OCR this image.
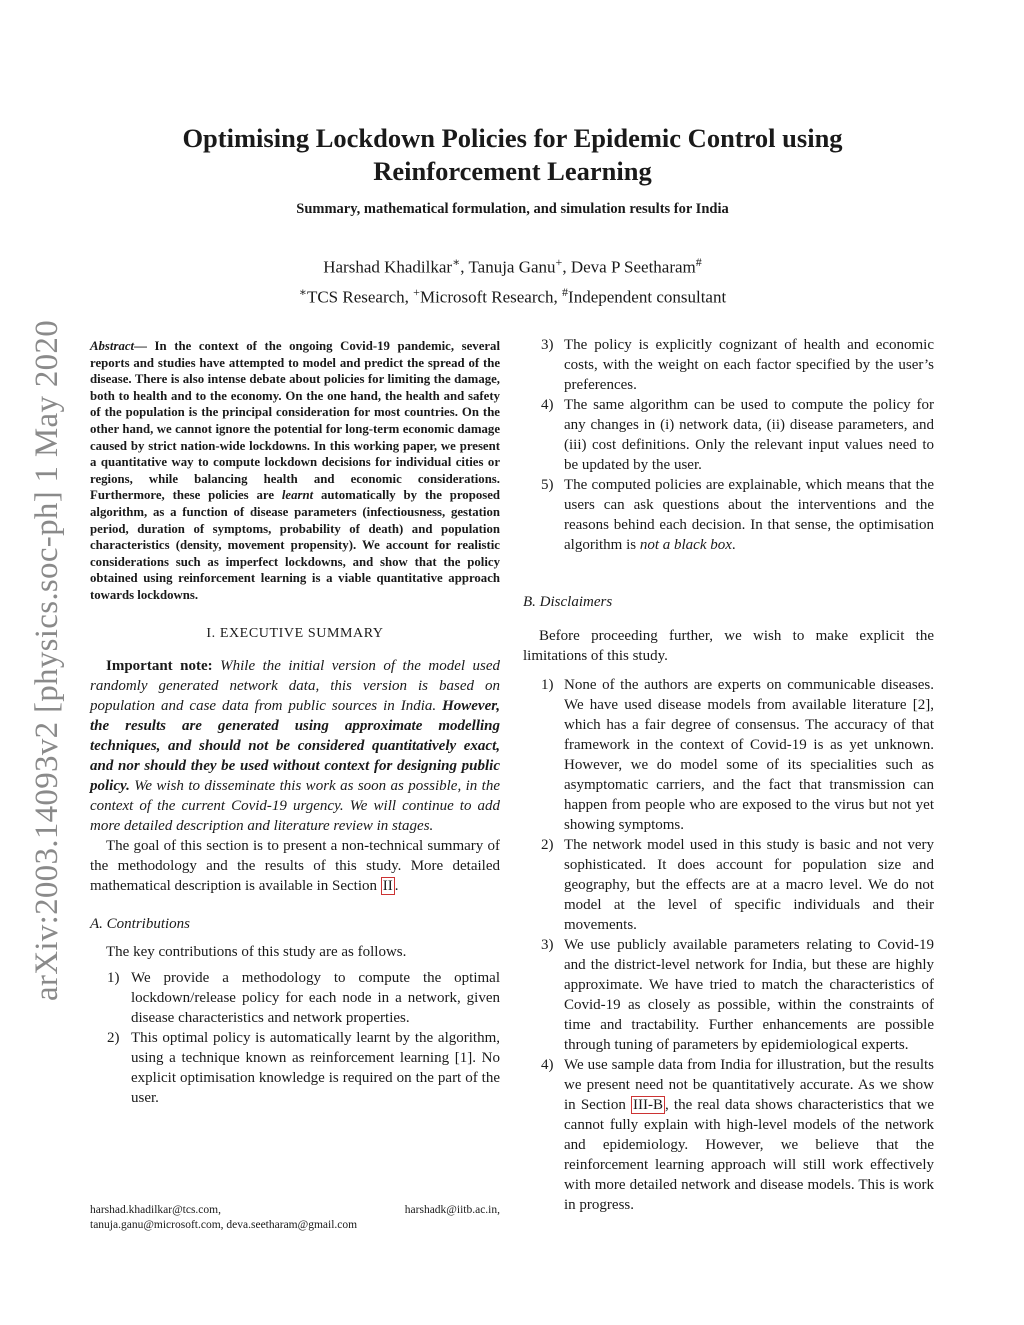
arXiv:2003.14093v2 [physics.soc-ph] 1 May 2020
Optimising Lockdown Policies for Epidemic Control using Reinforcement Learning
Summary, mathematical formulation, and simulation results for India
Harshad Khadilkar∗, Tanuja Ganu+, Deva P Seetharam#
∗TCS Research, +Microsoft Research, #Independent consultant
Abstract— In the context of the ongoing Covid-19 pandemic, several reports and studies have attempted to model and predict the spread of the disease. There is also intense debate about policies for limiting the damage, both to health and to the economy. On the one hand, the health and safety of the population is the principal consideration for most countries. On the other hand, we cannot ignore the potential for long-term economic damage caused by strict nation-wide lockdowns. In this working paper, we present a quantitative way to compute lockdown decisions for individual cities or regions, while balancing health and economic considerations. Furthermore, these policies are learnt automatically by the proposed algorithm, as a function of disease parameters (infectiousness, gestation period, duration of symptoms, probability of death) and population characteristics (density, movement propensity). We account for realistic considerations such as imperfect lockdowns, and show that the policy obtained using reinforcement learning is a viable quantitative approach towards lockdowns.
I. EXECUTIVE SUMMARY

Important note: While the initial version of the model used randomly generated network data, this version is based on population and case data from public sources in India. However, the results are generated using approximate modelling techniques, and should not be considered quantitatively exact, and nor should they be used without context for designing public policy. We wish to disseminate this work as soon as possible, in the context of the current Covid-19 urgency. We will continue to add more detailed description and literature review in stages.

The goal of this section is to present a non-technical summary of the methodology and the results of this study. More detailed mathematical description is available in Section II .

A. Contributions

The key contributions of this study are as follows.

1) We provide a methodology to compute the optimal lockdown/release policy for each node in a network, given disease characteristics and network properties.
2) This optimal policy is automatically learnt by the algorithm, using a technique known as reinforcement learning [1]. No explicit optimisation knowledge is required on the part of the user.
harshad.khadilkar@tcs.com,	harshadk@iitb.ac.in,
tanuja.ganu@microsoft.com, deva.seetharam@gmail.com
3) The policy is explicitly cognizant of health and economic costs, with the weight on each factor specified by the user’s preferences.
4) The same algorithm can be used to compute the policy for any changes in (i) network data, (ii) disease parameters, and (iii) cost definitions. Only the relevant input values need to be updated by the user.
5) The computed policies are explainable, which means that the users can ask questions about the interventions and the reasons behind each decision. In that sense, the optimisation algorithm is not a black box.
B. Disclaimers

Before proceeding further, we wish to make explicit the limitations of this study.

1) None of the authors are experts on communicable diseases. We have used disease models from available literature [2], which has a fair degree of consensus. The accuracy of that framework in the context of Covid-19 is as yet unknown. However, we do model some of its specialities such as asymptomatic carriers, and the fact that transmission can happen from people who are exposed to the virus but not yet showing symptoms.
2) The network model used in this study is basic and not very sophisticated. It does account for population size and geography, but the effects are at a macro level. We do not model at the level of specific individuals and their movements.
3) We use publicly available parameters relating to Covid-19 and the district-level network for India, but these are highly approximate. We have tried to match the characteristics of Covid-19 as closely as possible, within the constraints of time and tractability. Further enhancements are possible through tuning of parameters by epidemiological experts.
4) We use sample data from India for illustration, but the results we present need not be quantitatively accurate. As we show in Section III-B , the real data shows characteristics that we cannot fully explain with high-level models of the network and epidemiology. However, we believe that the reinforcement learning approach will still work effectively with more detailed network and disease models. This is work in progress.
